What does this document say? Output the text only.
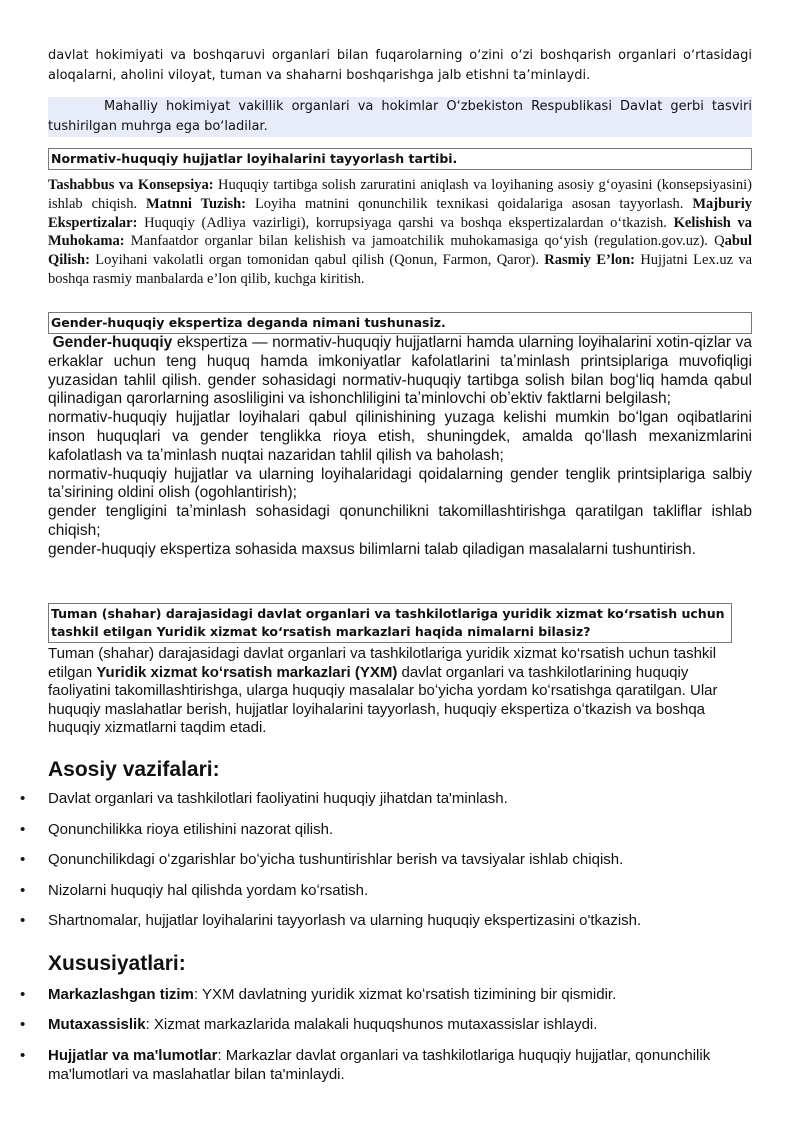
davlat hokimiyati va boshqaruvi organlari bilan fuqarolarning oʻzini oʻzi boshqarish organlari oʻrtasidagi aloqalarni, aholini viloyat, tuman va shaharni boshqarishga jalb etishni taʼminlaydi.
Mahalliy hokimiyat vakillik organlari va hokimlar Oʻzbekiston Respublikasi Davlat gerbi tasviri tushirilgan muhrga ega boʻladilar.
Normativ-huquqiy hujjatlar loyihalarini tayyorlash tartibi.
Tashabbus va Konsepsiya: Huquqiy tartibga solish zaruratini aniqlash va loyihaning asosiy gʻoyasini (konsepsiyasini) ishlab chiqish. Matnni Tuzish: Loyiha matnini qonunchilik texnikasi qoidalariga asosan tayyorlash. Majburiy Ekspertizalar: Huquqiy (Adliya vazirligi), korrupsiyaga qarshi va boshqa ekspertizalardan oʻtkazish. Kelishish va Muhokama: Manfaatdor organlar bilan kelishish va jamoatchilik muhokamasiga qoʻyish (regulation.gov.uz). Qabul Qilish: Loyihani vakolatli organ tomonidan qabul qilish (Qonun, Farmon, Qaror). Rasmiy E’lon: Hujjatni Lex.uz va boshqa rasmiy manbalarda e’lon qilib, kuchga kiritish.
Gender-huquqiy ekspertiza deganda nimani tushunasiz.
Gender-huquqiy ekspertiza — normativ-huquqiy hujjatlarni hamda ularning loyihalarini xotin-qizlar va erkaklar uchun teng huquq hamda imkoniyatlar kafolatlarini taʼminlash printsiplariga muvofiqligi yuzasidan tahlil qilish. gender sohasidagi normativ-huquqiy tartibga solish bilan bogʻliq hamda qabul qilinadigan qarorlarning asosliligini va ishonchliligini taʼminlovchi obʼektiv faktlarni belgilash;
normativ-huquqiy hujjatlar loyihalari qabul qilinishining yuzaga kelishi mumkin boʻlgan oqibatlarini inson huquqlari va gender tenglikka rioya etish, shuningdek, amalda qoʻllash mexanizmlarini kafolatlash va taʼminlash nuqtai nazaridan tahlil qilish va baholash;
normativ-huquqiy hujjatlar va ularning loyihalaridagi qoidalarning gender tenglik printsiplariga salbiy taʼsirining oldini olish (ogohlantirish);
gender tengligini taʼminlash sohasidagi qonunchilikni takomillashtirishga qaratilgan takliflar ishlab chiqish;
gender-huquqiy ekspertiza sohasida maxsus bilimlarni talab qiladigan masalalarni tushuntirish.
Tuman (shahar) darajasidagi davlat organlari va tashkilotlariga yuridik xizmat koʻrsatish uchun tashkil etilgan Yuridik xizmat koʻrsatish markazlari haqida nimalarni bilasiz?
Tuman (shahar) darajasidagi davlat organlari va tashkilotlariga yuridik xizmat ko‘rsatish uchun tashkil etilgan Yuridik xizmat koʻrsatish markazlari (YXM) davlat organlari va tashkilotlarining huquqiy faoliyatini takomillashtirishga, ularga huquqiy masalalar boʻyicha yordam koʻrsatishga qaratilgan. Ular huquqiy maslahatlar berish, hujjatlar loyihalarini tayyorlash, huquqiy ekspertiza oʻtkazish va boshqa huquqiy xizmatlarni taqdim etadi.
Asosiy vazifalari:
• Davlat organlari va tashkilotlari faoliyatini huquqiy jihatdan ta'minlash.
• Qonunchilikka rioya etilishini nazorat qilish.
• Qonunchilikdagi oʻzgarishlar boʻyicha tushuntirishlar berish va tavsiyalar ishlab chiqish.
• Nizolarni huquqiy hal qilishda yordam koʻrsatish.
• Shartnomalar, hujjatlar loyihalarini tayyorlash va ularning huquqiy ekspertizasini o'tkazish.
Xususiyatlari:
• Markazlashgan tizim: YXM davlatning yuridik xizmat koʻrsatish tizimining bir qismidir.
• Mutaxassislik: Xizmat markazlarida malakali huquqshunos mutaxassislar ishlaydi.
• Hujjatlar va ma'lumotlar: Markazlar davlat organlari va tashkilotlariga huquqiy hujjatlar, qonunchilik ma'lumotlari va maslahatlar bilan ta'minlaydi.
